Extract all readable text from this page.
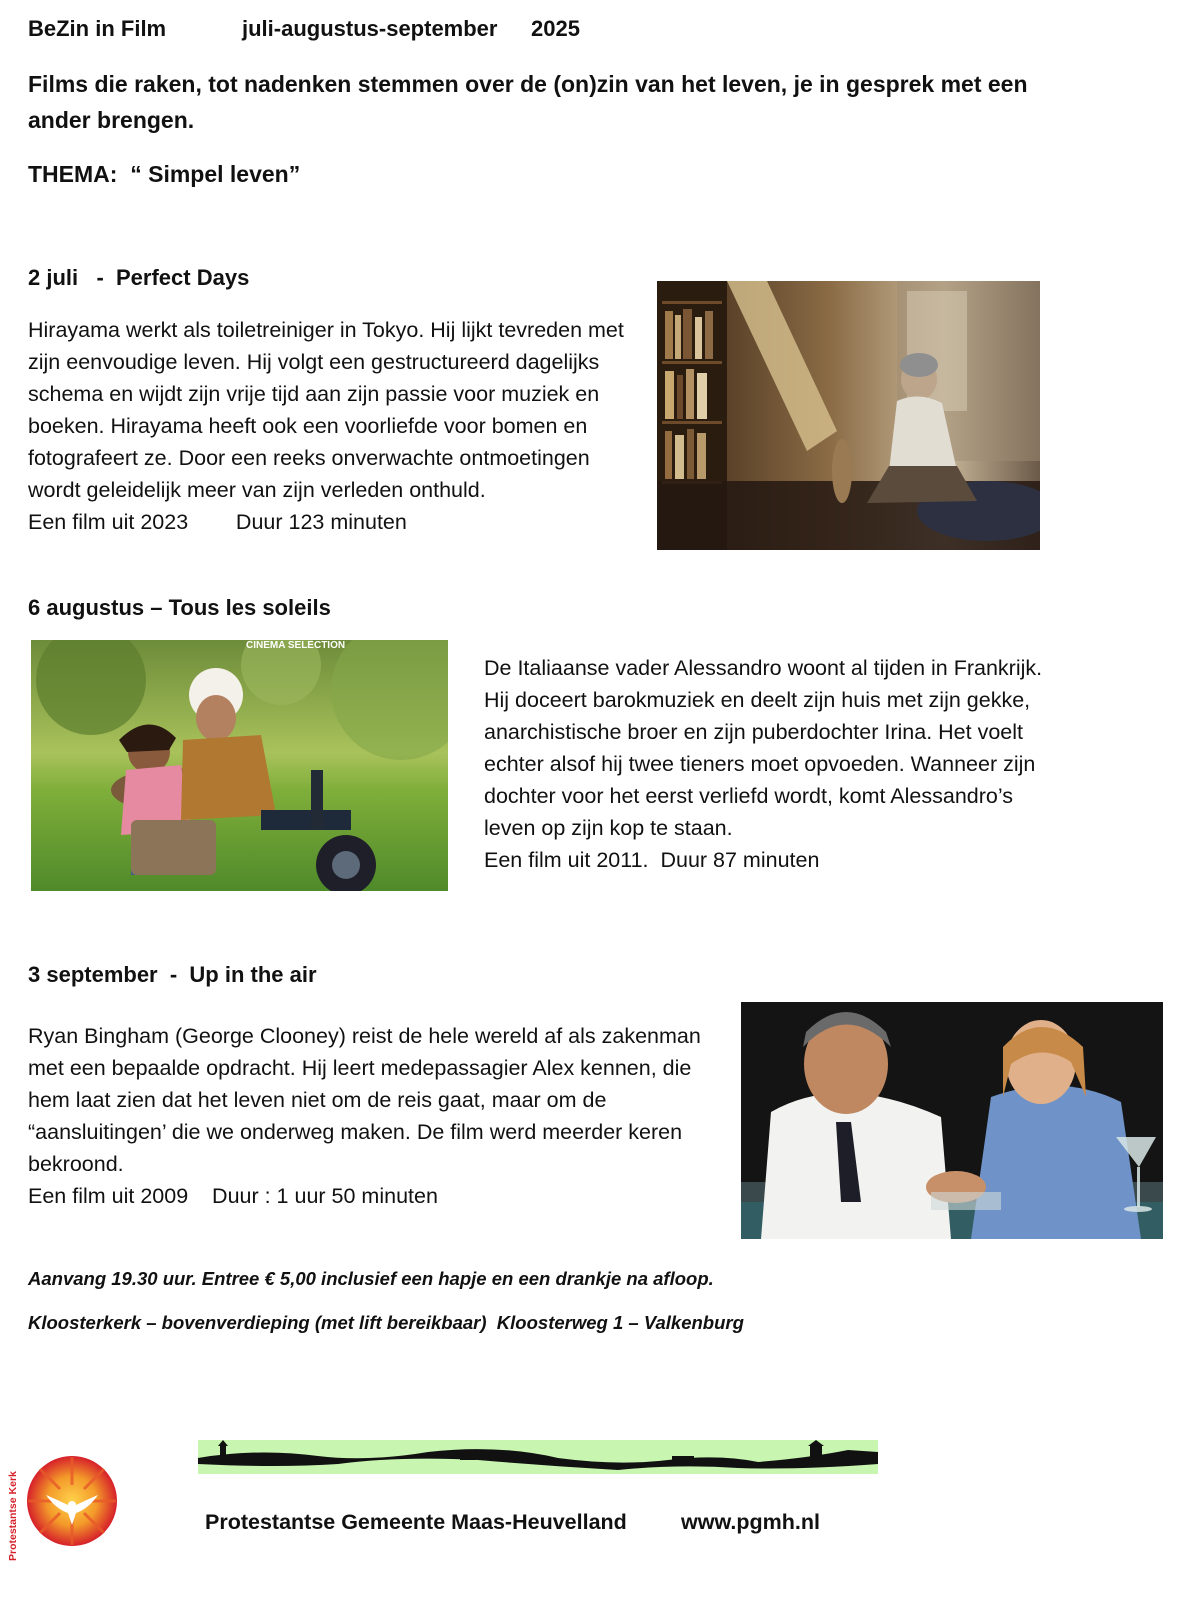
BeZin in Film	juli-augustus-september 2025
Films die raken, tot nadenken stemmen over de (on)zin van het leven, je in gesprek met een ander brengen.
THEMA:  “ Simpel leven”
2 juli   -  Perfect Days

Hirayama werkt als toiletreiniger in Tokyo. Hij lijkt tevreden met zijn eenvoudige leven. Hij volgt een gestructureerd dagelijks schema en wijdt zijn vrije tijd aan zijn passie voor muziek en boeken. Hirayama heeft ook een voorliefde voor bomen en fotografeert ze. Door een reeks onverwachte ontmoetingen wordt geleidelijk meer van zijn verleden onthuld.

Een film uit 2023        Duur 123 minuten

6 augustus – Tous les soleils
CINEMA SELECTION

De Italiaanse vader Alessandro woont al tijden in Frankrijk. Hij doceert barokmuziek en deelt zijn huis met zijn gekke, anarchistische broer en zijn puberdochter Irina. Het voelt echter alsof hij twee tieners moet opvoeden. Wanneer zijn dochter voor het eerst verliefd wordt, komt Alessandro’s leven op zijn kop te staan.

Een film uit 2011.  Duur 87 minuten

3 september  -  Up in the air

Ryan Bingham (George Clooney) reist de hele wereld af als zakenman met een bepaalde opdracht. Hij leert medepassagier Alex kennen, die hem laat zien dat het leven niet om de reis gaat, maar om de “aansluitingen’ die we onderweg maken. De film werd meerder keren bekroond.

Een film uit 2009    Duur : 1 uur 50 minuten

Aanvang 19.30 uur. Entree € 5,00 inclusief een hapje en een drankje na afloop.
Kloosterkerk – bovenverdieping (met lift bereikbaar)  Kloosterweg 1 – Valkenburg
Protestantse Kerk	Protestantse Gemeente Maas-Heuvelland	www.pgmh.nl
